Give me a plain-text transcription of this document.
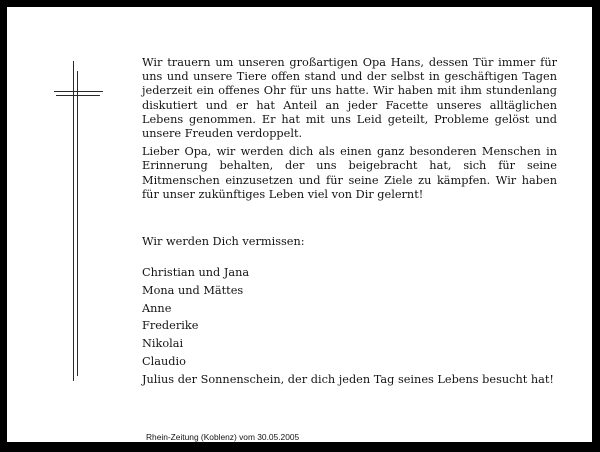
Wir trauern um unseren großartigen Opa Hans, dessen Tür immer für uns und unsere Tiere offen stand und der selbst in geschäftigen Tagen jederzeit ein offenes Ohr für uns hatte. Wir haben mit ihm stundenlang diskutiert und er hat Anteil an jeder Facette unseres alltäglichen Lebens genommen. Er hat mit uns Leid geteilt, Probleme gelöst und unsere Freuden verdoppelt.

Lieber Opa, wir werden dich als einen ganz besonderen Menschen in Erinnerung behalten, der uns beigebracht hat, sich für seine Mitmenschen einzusetzen und für seine Ziele zu kämpfen. Wir haben für unser zukünftiges Leben viel von Dir gelernt!

Wir werden Dich vermissen:
Christian und Jana
Mona und Mättes
Anne
Frederike
Nikolai
Claudio
Julius der Sonnenschein, der dich jeden Tag seines Lebens besucht hat!
Rhein-Zeitung (Koblenz) vom 30.05.2005
